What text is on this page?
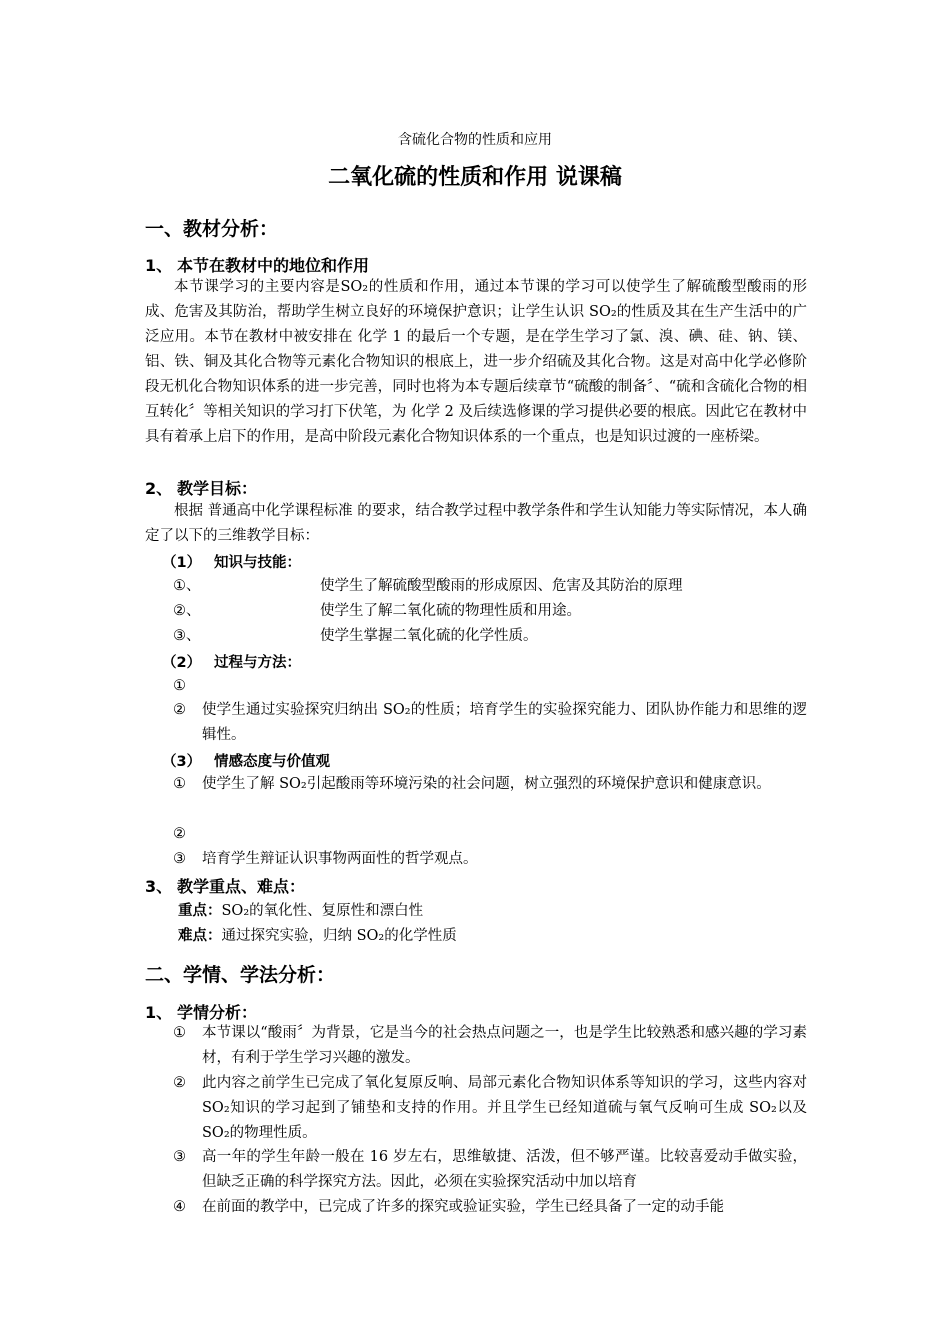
含硫化合物的性质和应用
二氧化硫的性质和作用 说课稿
一、教材分析：
1、 本节在教材中的地位和作用
本节课学习的主要内容是SO₂的性质和作用，通过本节课的学习可以使学生了解硫酸型酸雨的形成、危害及其防治，帮助学生树立良好的环境保护意识；让学生认识 SO₂的性质及其在生产生活中的广泛应用。本节在教材中被安排在 化学 1 的最后一个专题，是在学生学习了氯、溴、碘、硅、钠、镁、铝、铁、铜及其化合物等元素化合物知识的根底上，进一步介绍硫及其化合物。这是对高中化学必修阶段无机化合物知识体系的进一步完善，同时也将为本专题后续章节“硫酸的制备〞、“硫和含硫化合物的相互转化〞等相关知识的学习打下伏笔，为 化学 2 及后续选修课的学习提供必要的根底。因此它在教材中具有着承上启下的作用，是高中阶段元素化合物知识体系的一个重点，也是知识过渡的一座桥梁。
2、 教学目标：
根据 普通高中化学课程标准 的要求，结合教学过程中教学条件和学生认知能力等实际情况，本人确定了以下的三维教学目标：
（1） 知识与技能：
①、	使学生了解硫酸型酸雨的形成原因、危害及其防治的原理
②、	使学生了解二氧化硫的物理性质和用途。
③、	使学生掌握二氧化硫的化学性质。
（2） 过程与方法：
①
② 使学生通过实验探究归纳出 SO₂的性质；培育学生的实验探究能力、团队协作能力和思维的逻辑性。
（3） 情感态度与价值观
① 使学生了解 SO₂引起酸雨等环境污染的社会问题，树立强烈的环境保护意识和健康意识。
②
③ 培育学生辩证认识事物两面性的哲学观点。
3、 教学重点、难点：
重点：SO₂的氧化性、复原性和漂白性
难点：通过探究实验，归纳 SO₂的化学性质
二、学情、学法分析：
1、 学情分析：
① 本节课以“酸雨〞为背景，它是当今的社会热点问题之一，也是学生比较熟悉和感兴趣的学习素材，有利于学生学习兴趣的激发。
② 此内容之前学生已完成了氧化复原反响、局部元素化合物知识体系等知识的学习，这些内容对 SO₂知识的学习起到了铺垫和支持的作用。并且学生已经知道硫与氧气反响可生成 SO₂以及 SO₂的物理性质。
③ 高一年的学生年龄一般在 16 岁左右，思维敏捷、活泼，但不够严谨。比较喜爱动手做实验，但缺乏正确的科学探究方法。因此，必须在实验探究活动中加以培育
④ 在前面的教学中，已完成了许多的探究或验证实验，学生已经具备了一定的动手能
